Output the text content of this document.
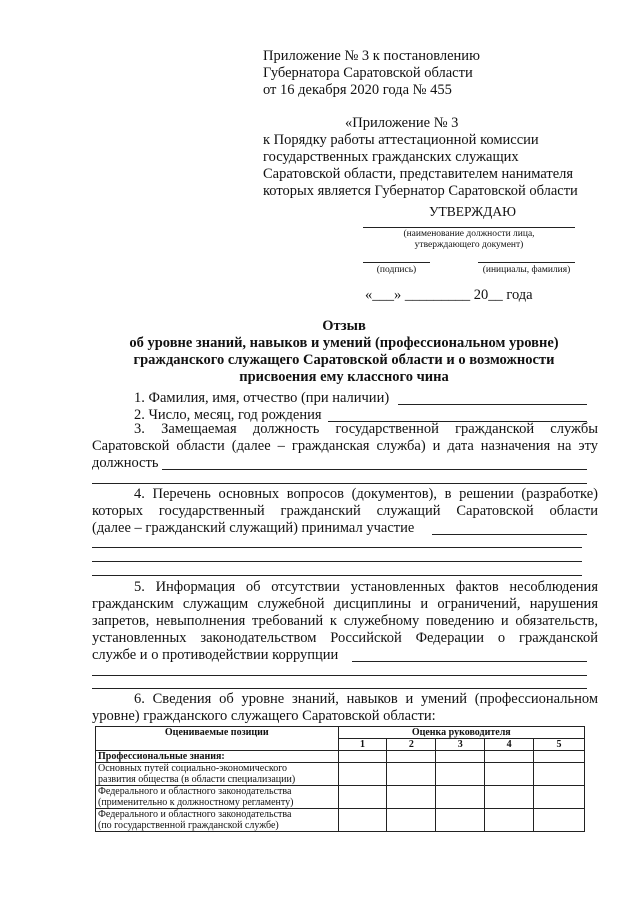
Приложение № 3 к постановлению
Губернатора Саратовской области
от 16 декабря 2020 года № 455
«Приложение № 3
к Порядку работы аттестационной комиссии
государственных гражданских служащих
Саратовской области, представителем нанимателя
которых является Губернатор Саратовской области
УТВЕРЖДАЮ
(наименование должности лица,
утверждающего документ)
(подпись)	(инициалы, фамилия)
«___» _________ 20__ года
Отзыв
об уровне знаний, навыков и умений (профессиональном уровне)
гражданского служащего Саратовской области и о возможности
присвоения ему классного чина
1. Фамилия, имя, отчество (при наличии)
2. Число, месяц, год рождения
3. Замещаемая должность государственной гражданской службы
Саратовской области (далее – гражданская служба) и дата назначения на эту
должность
4. Перечень основных вопросов (документов), в решении (разработке)
которых государственный гражданский служащий Саратовской области
(далее – гражданский служащий) принимал участие
5. Информация об отсутствии установленных фактов несоблюдения
гражданским служащим служебной дисциплины и ограничений, нарушения
запретов, невыполнения требований к служебному поведению и обязательств,
установленных законодательством Российской Федерации о гражданской
службе и о противодействии коррупции
6. Сведения об уровне знаний, навыков и умений (профессиональном
уровне) гражданского служащего Саратовской области:
Оцениваемые позиции	Оценка руководителя				
	1	2	3	4	5
Профессиональные знания:					

Основных путей социально-экономического
развития общества (в области специализации)					

Федерального и областного законодательства
(применительно к должностному регламенту)					

Федерального и областного законодательства
(по государственной гражданской службе)					
